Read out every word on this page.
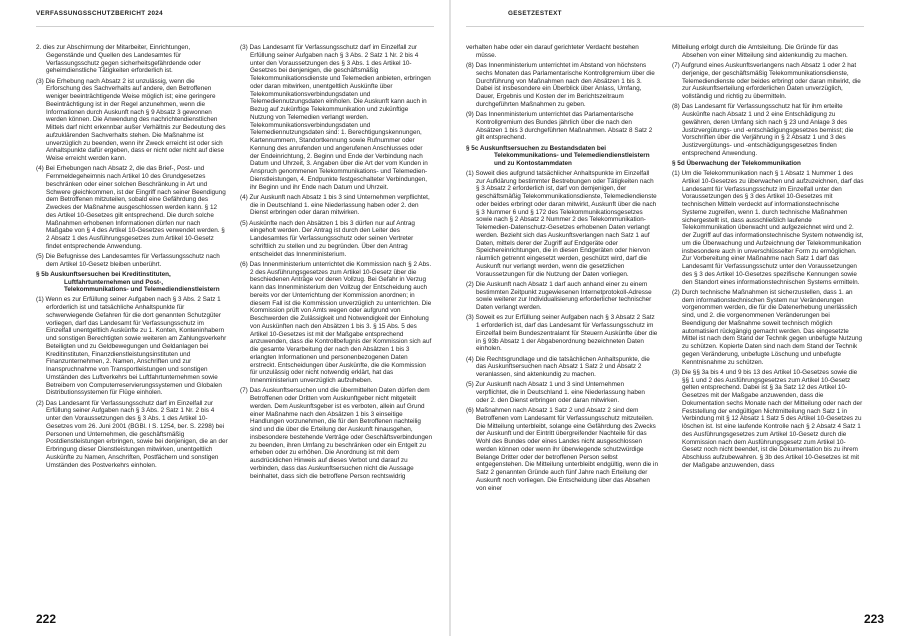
VERFASSUNGSSCHUTZBERICHT 2024

2. dies zur Abschirmung der Mitarbeiter, Einrichtungen, Gegenstände und Quellen des Landesamtes für Verfassungsschutz gegen sicherheitsgefährdende oder geheimdienstliche Tätigkeiten erforderlich ist.

(3) Die Erhebung nach Absatz 2 ist unzulässig, wenn die Erforschung des Sachverhalts auf andere, den Betroffenen weniger beeinträchtigende Weise möglich ist; eine geringere Beeinträchtigung ist in der Regel anzunehmen, wenn die Informationen durch Auskunft nach § 9 Absatz 3 gewonnen werden können. Die Anwendung des nachrichtendienstlichen Mittels darf nicht erkennbar außer Verhältnis zur Bedeutung des aufzuklärenden Sachverhalts stehen. Die Maßnahme ist unverzüglich zu beenden, wenn ihr Zweck erreicht ist oder sich Anhaltspunkte dafür ergeben, dass er nicht oder nicht auf diese Weise erreicht werden kann.

(4) Bei Erhebungen nach Absatz 2, die das Brief-, Post- und Fernmeldegeheimnis nach Artikel 10 des Grundgesetzes beschränken oder einer solchen Beschränkung in Art und Schwere gleichkommen, ist der Eingriff nach seiner Beendigung dem Betroffenen mitzuteilen, sobald eine Gefährdung des Zweckes der Maßnahme ausgeschlossen werden kann. § 12 des Artikel 10-Gesetzes gilt entsprechend. Die durch solche Maßnahmen erhobenen Informationen dürfen nur nach Maßgabe von § 4 des Artikel 10-Gesetzes verwendet werden. § 2 Absatz 1 des Ausführungsgesetzes zum Artikel 10-Gesetz findet entsprechende Anwendung.

(5) Die Befugnisse des Landesamtes für Verfassungsschutz nach dem Artikel 10-Gesetz bleiben unberührt.

§ 5b Auskunftsersuchen bei Kreditinstituten, Luftfahrtunternehmen und Post-, Telekommunikations- und Telemediendienstleistern

(1) Wenn es zur Erfüllung seiner Aufgaben nach § 3 Abs. 2 Satz 1 erforderlich ist und tatsächliche Anhaltspunkte für schwerwiegende Gefahren für die dort genannten Schutzgüter vorliegen, darf das Landesamt für Verfassungsschutz im Einzelfall unentgeltlich Auskünfte zu 1. Konten, Konteninhabern und sonstigen Berechtigten sowie weiteren am Zahlungsverkehr Beteiligten und zu Geldbewegungen und Geldanlagen bei Kreditinstituten, Finanzdienstleistungsinstituten und Finanzunternehmen, 2. Namen, Anschriften und zur Inanspruchnahme von Transportleistungen und sonstigen Umständen des Luftverkehrs bei Luftfahrtunternehmen sowie Betreibern von Computerreservierungssystemen und Globalen Distributionssystemen für Flüge einholen.

(2) Das Landesamt für Verfassungsschutz darf im Einzelfall zur Erfüllung seiner Aufgaben nach § 3 Abs. 2 Satz 1 Nr. 2 bis 4 unter den Voraussetzungen des § 3 Abs. 1 des Artikel 10-Gesetzes vom 26. Juni 2001 (BGBl. I S. 1254, ber. S. 2298) bei Personen und Unternehmen, die geschäftsmäßig Postdienstleistungen erbringen, sowie bei denjenigen, die an der Erbringung dieser Dienstleistungen mitwirken, unentgeltlich Auskünfte zu Namen, Anschriften, Postfächern und sonstigen Umständen des Postverkehrs einholen.

(3) Das Landesamt für Verfassungsschutz darf im Einzelfall zur Erfüllung seiner Aufgaben nach § 3 Abs. 2 Satz 1 Nr. 2 bis 4 unter den Voraussetzungen des § 3 Abs. 1 des Artikel 10-Gesetzes bei denjenigen, die geschäftsmäßig Telekommunikationsdienste und Telemedien anbieten, erbringen oder daran mitwirken, unentgeltlich Auskünfte über Telekommunikationsverbindungsdaten und Telemediennutzungsdaten einholen. Die Auskunft kann auch in Bezug auf zukünftige Telekommunikation und zukünftige Nutzung von Telemedien verlangt werden. Telekommunikationsverbindungsdaten und Telemediennutzungsdaten sind: 1. Berechtigungskennungen, Kartennummern, Standortkennung sowie Rufnummer oder Kennung des anrufenden und angerufenen Anschlusses oder der Endeinrichtung, 2. Beginn und Ende der Verbindung nach Datum und Uhrzeit, 3. Angaben über die Art der vom Kunden in Anspruch genommenen Telekommunikations- und Telemedien-Dienstleistungen, 4. Endpunkte festgeschalteter Verbindungen, ihr Beginn und ihr Ende nach Datum und Uhrzeit.

(4) Zur Auskunft nach Absatz 1 bis 3 sind Unternehmen verpflichtet, die in Deutschland 1. eine Niederlassung haben oder 2. den Dienst erbringen oder daran mitwirken.

(5) Auskünfte nach den Absätzen 1 bis 3 dürfen nur auf Antrag eingeholt werden. Der Antrag ist durch den Leiter des Landesamtes für Verfassungsschutz oder seinen Vertreter schriftlich zu stellen und zu begründen. Über den Antrag entscheidet das Innenministerium.

(6) Das Innenministerium unterrichtet die Kommission nach § 2 Abs. 2 des Ausführungsgesetzes zum Artikel 10-Gesetz über die beschiedenen Anträge vor deren Vollzug. Bei Gefahr in Verzug kann das Innenministerium den Vollzug der Entscheidung auch bereits vor der Unterrichtung der Kommission anordnen; in diesem Fall ist die Kommission unverzüglich zu unterrichten. Die Kommission prüft von Amts wegen oder aufgrund von Beschwerden die Zulässigkeit und Notwendigkeit der Einholung von Auskünften nach den Absätzen 1 bis 3. § 15 Abs. 5 des Artikel 10-Gesetzes ist mit der Maßgabe entsprechend anzuwenden, dass die Kontrollbefugnis der Kommission sich auf die gesamte Verarbeitung der nach den Absätzen 1 bis 3 erlangten Informationen und personenbezogenen Daten erstreckt. Entscheidungen über Auskünfte, die die Kommission für unzulässig oder nicht notwendig erklärt, hat das Innenministerium unverzüglich aufzuheben.

(7) Das Auskunftsersuchen und die übermittelten Daten dürfen dem Betroffenen oder Dritten vom Auskunftgeber nicht mitgeteilt werden. Dem Auskunftsgeber ist es verboten, allein auf Grund einer Maßnahme nach den Absätzen 1 bis 3 einseitige Handlungen vorzunehmen, die für den Betroffenen nachteilig sind und die über die Erteilung der Auskunft hinausgehen, insbesondere bestehende Verträge oder Geschäftsverbindungen zu beenden, ihren Umfang zu beschränken oder ein Entgelt zu erheben oder zu erhöhen. Die Anordnung ist mit dem ausdrücklichen Hinweis auf dieses Verbot und darauf zu verbinden, dass das Auskunftsersuchen nicht die Aussage beinhaltet, dass sich die betroffene Person rechtswidrig

222
GESETZESTEXT

verhalten habe oder ein darauf gerichteter Verdacht bestehen müsse.

(8) Das Innenministerium unterrichtet im Abstand von höchstens sechs Monaten das Parlamentarische Kontrollgremium über die Durchführung von Maßnahmen nach den Absätzen 1 bis 3. Dabei ist insbesondere ein Überblick über Anlass, Umfang, Dauer, Ergebnis und Kosten der im Berichtszeitraum durchgeführten Maßnahmen zu geben.

(9) Das Innenministerium unterrichtet das Parlamentarische Kontrollgremium des Bundes jährlich über die nach den Absätzen 1 bis 3 durchgeführten Maßnahmen. Absatz 8 Satz 2 gilt entsprechend.

§ 5c Auskunftsersuchen zu Bestandsdaten bei Telekommunikations- und Telemediendienstleistern und zu Kontostammdaten

(1) Soweit dies aufgrund tatsächlicher Anhaltspunkte im Einzelfall zur Aufklärung bestimmter Bestrebungen oder Tätigkeiten nach § 3 Absatz 2 erforderlich ist, darf von demjenigen, der geschäftsmäßig Telekommunikationsdienste, Telemediendienste oder beides erbringt oder daran mitwirkt, Auskunft über die nach § 3 Nummer 6 und § 172 des Telekommunikationsgesetzes sowie nach § 2 Absatz 2 Nummer 2 des Telekommunikation-Telemedien-Datenschutz-Gesetzes erhobenen Daten verlangt werden. Bezieht sich das Auskunftsverlangen nach Satz 1 auf Daten, mittels derer der Zugriff auf Endgeräte oder Speichereinrichtungen, die in diesen Endgeräten oder hiervon räumlich getrennt eingesetzt werden, geschützt wird, darf die Auskunft nur verlangt werden, wenn die gesetzlichen Voraussetzungen für die Nutzung der Daten vorliegen.

(2) Die Auskunft nach Absatz 1 darf auch anhand einer zu einem bestimmten Zeitpunkt zugewiesenen Internetprotokoll-Adresse sowie weiterer zur Individualisierung erforderlicher technischer Daten verlangt werden.

(3) Soweit es zur Erfüllung seiner Aufgaben nach § 3 Absatz 2 Satz 1 erforderlich ist, darf das Landesamt für Verfassungsschutz im Einzelfall beim Bundeszentralamt für Steuern Auskünfte über die in § 93b Absatz 1 der Abgabenordnung bezeichneten Daten einholen.

(4) Die Rechtsgrundlage und die tatsächlichen Anhaltspunkte, die das Auskunftsersuchen nach Absatz 1 Satz 2 und Absatz 2 veranlassen, sind aktenkundig zu machen.

(5) Zur Auskunft nach Absatz 1 und 3 sind Unternehmen verpflichtet, die in Deutschland 1. eine Niederlassung haben oder 2. den Dienst erbringen oder daran mitwirken.

(6) Maßnahmen nach Absatz 1 Satz 2 und Absatz 2 sind dem Betroffenen vom Landesamt für Verfassungsschutz mitzuteilen. Die Mitteilung unterbleibt, solange eine Gefährdung des Zwecks der Auskunft und der Eintritt übergreifender Nachteile für das Wohl des Bundes oder eines Landes nicht ausgeschlossen werden können oder wenn ihr überwiegende schutzwürdige Belange Dritter oder der betroffenen Person selbst entgegenstehen. Die Mitteilung unterbleibt endgültig, wenn die in Satz 2 genannten Gründe auch fünf Jahre nach Erteilung der Auskunft noch vorliegen. Die Entscheidung über das Absehen von einer

Mitteilung erfolgt durch die Amtsleitung. Die Gründe für das Absehen von einer Mitteilung sind aktenkundig zu machen.

(7) Aufgrund eines Auskunftsverlangens nach Absatz 1 oder 2 hat derjenige, der geschäftsmäßig Telekommunikationsdienste, Telemediendienste oder beides erbringt oder daran mitwirkt, die zur Auskunftserteilung erforderlichen Daten unverzüglich, vollständig und richtig zu übermitteln.

(8) Das Landesamt für Verfassungsschutz hat für ihm erteilte Auskünfte nach Absatz 1 und 2 eine Entschädigung zu gewähren, deren Umfang sich nach § 23 und Anlage 3 des Justizvergütungs- und -entschädigungsgesetzes bemisst; die Vorschriften über die Verjährung in § 2 Absatz 1 und 3 des Justizvergütungs- und -entschädigungsgesetzes finden entsprechend Anwendung.

§ 5d Überwachung der Telekommunikation

(1) Um die Telekommunikation nach § 1 Absatz 1 Nummer 1 des Artikel 10-Gesetzes zu überwachen und aufzuzeichnen, darf das Landesamt für Verfassungsschutz im Einzelfall unter den Voraussetzungen des § 3 des Artikel 10-Gesetzes mit technischen Mitteln verdeckt auf informationstechnische Systeme zugreifen, wenn 1. durch technische Maßnahmen sichergestellt ist, dass ausschließlich laufende Telekommunikation überwacht und aufgezeichnet wird und 2. der Zugriff auf das informationstechnische System notwendig ist, um die Überwachung und Aufzeichnung der Telekommunikation insbesondere auch in unverschlüsselter Form zu ermöglichen. Zur Vorbereitung einer Maßnahme nach Satz 1 darf das Landesamt für Verfassungsschutz unter den Voraussetzungen des § 3 des Artikel 10-Gesetzes spezifische Kennungen sowie den Standort eines informationstechnischen Systems ermitteln.

(2) Durch technische Maßnahmen ist sicherzustellen, dass 1. an dem informationstechnischen System nur Veränderungen vorgenommen werden, die für die Datenerhebung unerlässlich sind, und 2. die vorgenommenen Veränderungen bei Beendigung der Maßnahme soweit technisch möglich automatisiert rückgängig gemacht werden. Das eingesetzte Mittel ist nach dem Stand der Technik gegen unbefugte Nutzung zu schützen. Kopierte Daten sind nach dem Stand der Technik gegen Veränderung, unbefugte Löschung und unbefugte Kenntnisnahme zu schützen.

(3) Die §§ 3a bis 4 und 9 bis 13 des Artikel 10-Gesetzes sowie die §§ 1 und 2 des Ausführungsgesetzes zum Artikel 10-Gesetz gelten entsprechend. Dabei ist § 3a Satz 12 des Artikel 10-Gesetzes mit der Maßgabe anzuwenden, dass die Dokumentation sechs Monate nach der Mitteilung oder nach der Feststellung der endgültigen Nichtmitteilung nach Satz 1 in Verbindung mit § 12 Absatz 1 Satz 5 des Artikel 10-Gesetzes zu löschen ist. Ist eine laufende Kontrolle nach § 2 Absatz 4 Satz 1 des Ausführungsgesetzes zum Artikel 10-Gesetz durch die Kommission nach dem Ausführungsgesetz zum Artikel 10-Gesetz noch nicht beendet, ist die Dokumentation bis zu ihrem Abschluss aufzubewahren. § 3b des Artikel 10-Gesetzes ist mit der Maßgabe anzuwenden, dass

223
